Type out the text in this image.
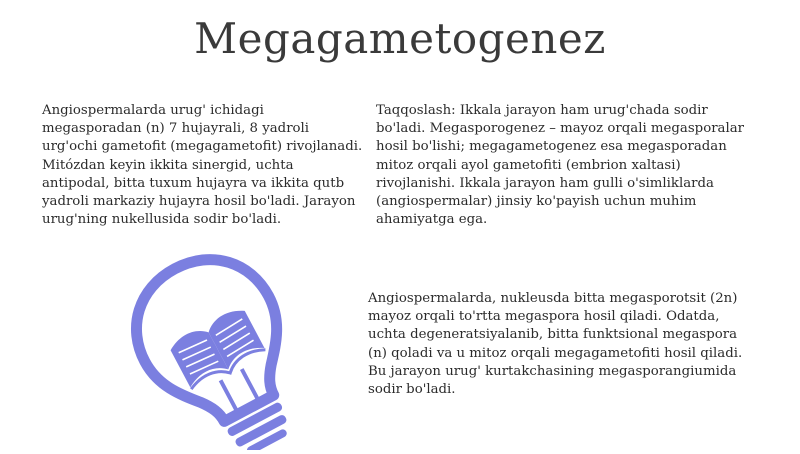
Megagametogenez

Angiospermalarda urug' ichidagi megasporadan (n) 7 hujayrali, 8 yadroli urg'ochi gametofit (megagametofit) rivojlanadi. Mitózdan keyin ikkita sinergid, uchta antipodal, bitta tuxum hujayra va ikkita qutb yadroli markaziy hujayra hosil bo'ladi. Jarayon urug'ning nukellusida sodir bo'ladi.

Taqqoslash: Ikkala jarayon ham urug'chada sodir bo'ladi. Megasporogenez – mayoz orqali megasporalar hosil bo'lishi; megagametogenez esa megasporadan mitoz orqali ayol gametofiti (embrion xaltasi) rivojlanishi. Ikkala jarayon ham gulli o'simliklarda (angiospermalar) jinsiy ko'payish uchun muhim ahamiyatga ega.

Angiospermalarda, nukleusda bitta megasporotsit (2n) mayoz orqali to'rtta megaspora hosil qiladi. Odatda, uchta degeneratsiyalanib, bitta funktsional megaspora (n) qoladi va u mitoz orqali megagametofiti hosil qiladi. Bu jarayon urug' kurtakchasining megasporangiumida sodir bo'ladi.
